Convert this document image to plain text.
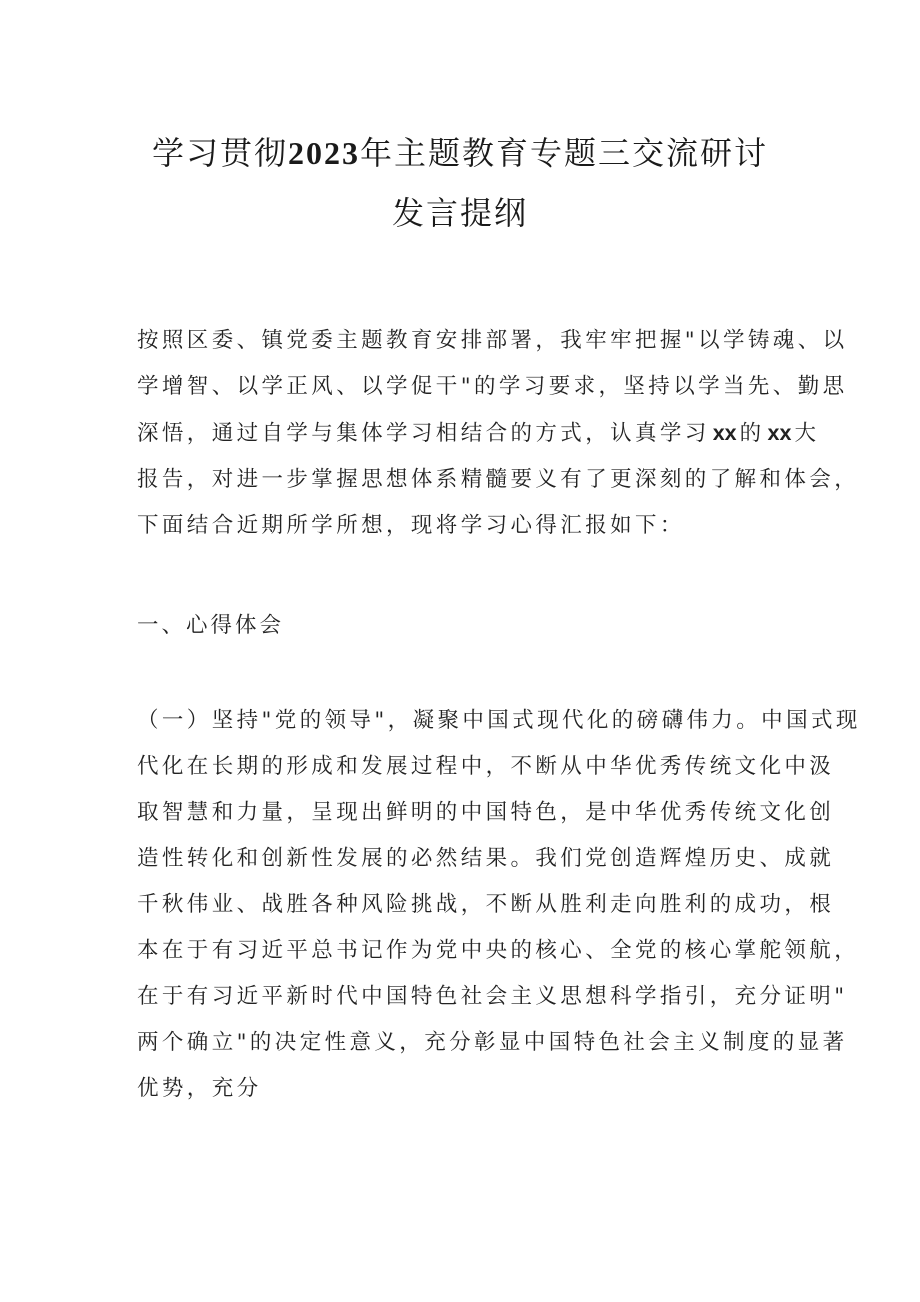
学习贯彻2023年主题教育专题三交流研讨
发言提纲
按照区委、镇党委主题教育安排部署，我牢牢把握"以学铸魂、以
学增智、以学正风、以学促干"的学习要求，坚持以学当先、勤思
深悟，通过自学与集体学习相结合的方式，认真学习 xx 的 xx 大
报告，对进一步掌握思想体系精髓要义有了更深刻的了解和体会，
下面结合近期所学所想，现将学习心得汇报如下：
一、心得体会
（一）坚持"党的领导"，凝聚中国式现代化的磅礴伟力。中国式现
代化在长期的形成和发展过程中，不断从中华优秀传统文化中汲
取智慧和力量，呈现出鲜明的中国特色，是中华优秀传统文化创
造性转化和创新性发展的必然结果。我们党创造辉煌历史、成就
千秋伟业、战胜各种风险挑战，不断从胜利走向胜利的成功，根
本在于有习近平总书记作为党中央的核心、全党的核心掌舵领航，
在于有习近平新时代中国特色社会主义思想科学指引，充分证明"
两个确立"的决定性意义，充分彰显中国特色社会主义制度的显著
优势，充分
